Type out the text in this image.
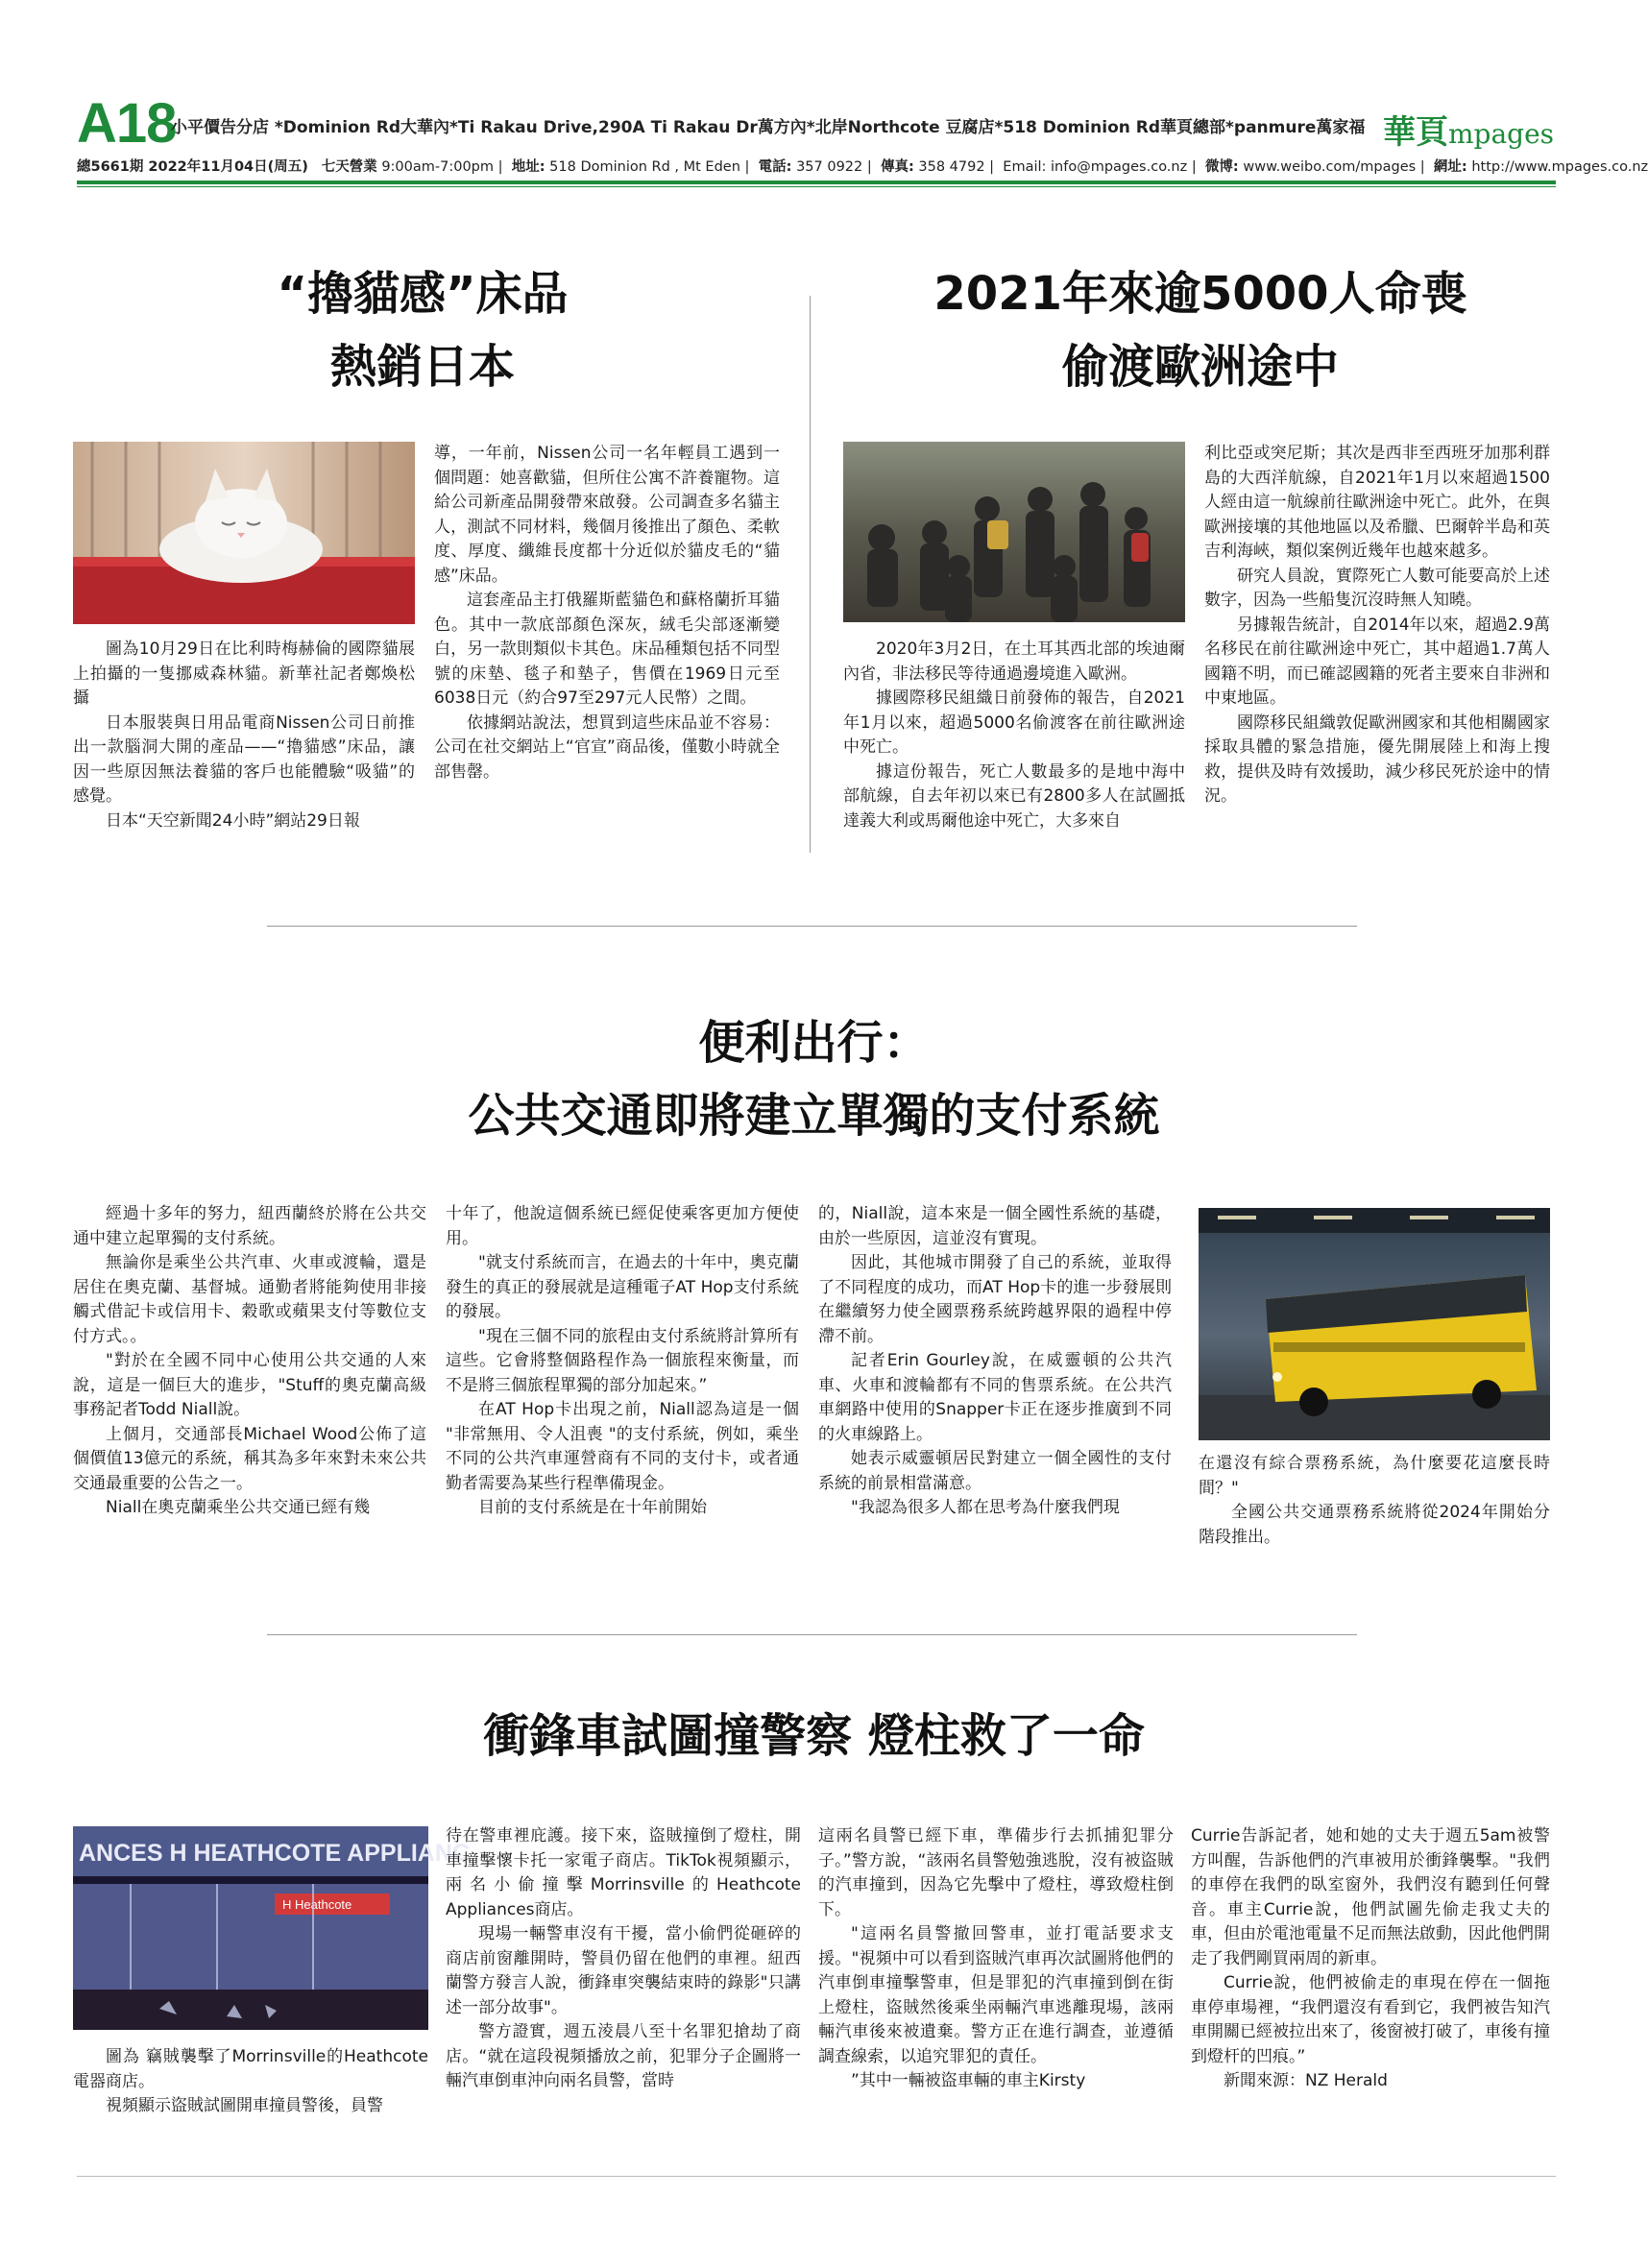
A18
小平價告分店 *Dominion Rd大華內*Ti Rakau Drive,290A Ti Rakau Dr萬方內*北岸Northcote 豆腐店*518 Dominion Rd華頁總部*panmure萬家福 華頁mpages
總5661期 2022年11月04日(周五) 七天營業 9:00am-7:00pm |  地址: 518 Dominion Rd , Mt Eden |  電話: 357 0922 |  傳真: 358 4792 |  Email: info@mpages.co.nz |  微博: www.weibo.com/mpages |  網址: http://www.mpages.co.nz
“擼貓感”床品
熱銷日本

圖為10月29日在比利時梅赫倫的國際貓展上拍攝的一隻挪威森林貓。新華社記者鄭煥松攝

日本服裝與日用品電商Nissen公司日前推出一款腦洞大開的產品——“擼貓感”床品，讓因一些原因無法養貓的客戶也能體驗“吸貓”的感覺。

日本“天空新聞24小時”網站29日報

導，一年前，Nissen公司一名年輕員工遇到一個問題：她喜歡貓，但所住公寓不許養寵物。這給公司新產品開發帶來啟發。公司調查多名貓主人，測試不同材料，幾個月後推出了顏色、柔軟度、厚度、纖維長度都十分近似於貓皮毛的“貓感”床品。

這套產品主打俄羅斯藍貓色和蘇格蘭折耳貓色。其中一款底部顏色深灰，絨毛尖部逐漸變白，另一款則類似卡其色。床品種類包括不同型號的床墊、毯子和墊子，售價在1969日元至6038日元（約合97至297元人民幣）之間。

依據網站說法，想買到這些床品並不容易：公司在社交網站上“官宣”商品後，僅數小時就全部售罄。

2021年來逾5000人命喪
偷渡歐洲途中

2020年3月2日，在土耳其西北部的埃迪爾內省，非法移民等待通過邊境進入歐洲。

據國際移民組織日前發佈的報告，自2021年1月以來，超過5000名偷渡客在前往歐洲途中死亡。

據這份報告，死亡人數最多的是地中海中部航線，自去年初以來已有2800多人在試圖抵達義大利或馬爾他途中死亡，大多來自

利比亞或突尼斯；其次是西非至西班牙加那利群島的大西洋航線，自2021年1月以來超過1500人經由這一航線前往歐洲途中死亡。此外，在與歐洲接壤的其他地區以及希臘、巴爾幹半島和英吉利海峽，類似案例近幾年也越來越多。

研究人員說，實際死亡人數可能要高於上述數字，因為一些船隻沉沒時無人知曉。

另據報告統計，自2014年以來，超過2.9萬名移民在前往歐洲途中死亡，其中超過1.7萬人國籍不明，而已確認國籍的死者主要來自非洲和中東地區。

國際移民組織敦促歐洲國家和其他相關國家採取具體的緊急措施，優先開展陸上和海上搜救，提供及時有效援助，減少移民死於途中的情況。

便利出行：
公共交通即將建立單獨的支付系統

經過十多年的努力，紐西蘭終於將在公共交通中建立起單獨的支付系統。

無論你是乘坐公共汽車、火車或渡輪，還是居住在奧克蘭、基督城。通勤者將能夠使用非接觸式借記卡或信用卡、穀歌或蘋果支付等數位支付方式。。

"對於在全國不同中心使用公共交通的人來說，這是一個巨大的進步，"Stuff的奧克蘭高級事務記者Todd Niall說。

上個月，交通部長Michael Wood公佈了這個價值13億元的系統，稱其為多年來對未來公共交通最重要的公告之一。

Niall在奧克蘭乘坐公共交通已經有幾

十年了，他說這個系統已經促使乘客更加方便使用。

"就支付系統而言，在過去的十年中，奧克蘭發生的真正的發展就是這種電子AT Hop支付系統的發展。

"現在三個不同的旅程由支付系統將計算所有這些。它會將整個路程作為一個旅程來衡量，而不是將三個旅程單獨的部分加起來。”

在AT Hop卡出現之前，Niall認為這是一個 "非常無用、令人沮喪 "的支付系統，例如，乘坐不同的公共汽車運營商有不同的支付卡，或者通勤者需要為某些行程準備現金。

目前的支付系統是在十年前開始

的，Niall說，這本來是一個全國性系統的基礎，由於一些原因，這並沒有實現。

因此，其他城市開發了自己的系統，並取得了不同程度的成功，而AT Hop卡的進一步發展則在繼續努力使全國票務系統跨越界限的過程中停滯不前。

記者Erin Gourley說，在威靈頓的公共汽車、火車和渡輪都有不同的售票系統。在公共汽車網路中使用的Snapper卡正在逐步推廣到不同的火車線路上。

她表示威靈頓居民對建立一個全國性的支付系統的前景相當滿意。

"我認為很多人都在思考為什麼我們現

在還沒有綜合票務系統，為什麼要花這麼長時間？"

全國公共交通票務系統將從2024年開始分階段推出。

衝鋒車試圖撞警察 燈柱救了一命
ANCES H HEATHCOTE APPLIANC
H Heathcote

圖為 竊賊襲擊了Morrinsville的Heathcote電器商店。

視頻顯示盜賊試圖開車撞員警後，員警

待在警車裡庇護。接下來，盜賊撞倒了燈柱，開車撞擊懷卡托一家電子商店。TikTok視頻顯示，兩名小偷撞擊Morrinsville的Heathcote Appliances商店。

現場一輛警車沒有干擾，當小偷們從砸碎的商店前窗離開時，警員仍留在他們的車裡。紐西蘭警方發言人說，衝鋒車突襲結束時的錄影"只講述一部分故事"。

警方證實，週五淩晨八至十名罪犯搶劫了商店。“就在這段視頻播放之前，犯罪分子企圖將一輛汽車倒車沖向兩名員警，當時

這兩名員警已經下車，準備步行去抓捕犯罪分子。”警方說，“該兩名員警勉強逃脫，沒有被盜賊的汽車撞到，因為它先擊中了燈柱，導致燈柱倒下。

"這兩名員警撤回警車，並打電話要求支援。"視頻中可以看到盜賊汽車再次試圖將他們的汽車倒車撞擊警車，但是罪犯的汽車撞到倒在街上燈柱，盜賊然後乘坐兩輛汽車逃離現場，該兩輛汽車後來被遺棄。警方正在進行調查，並遵循調查線索，以追究罪犯的責任。

”其中一輛被盜車輛的車主Kirsty

Currie告訴記者，她和她的丈夫于週五5am被警方叫醒，告訴他們的汽車被用於衝鋒襲擊。"我們的車停在我們的臥室窗外，我們沒有聽到任何聲音。車主Currie說，他們試圖先偷走我丈夫的車，但由於電池電量不足而無法啟動，因此他們開走了我們剛買兩周的新車。

Currie說，他們被偷走的車現在停在一個拖車停車場裡，“我們還沒有看到它，我們被告知汽車開關已經被拉出來了，後窗被打破了，車後有撞到燈杆的凹痕。”

新聞來源：NZ Herald
